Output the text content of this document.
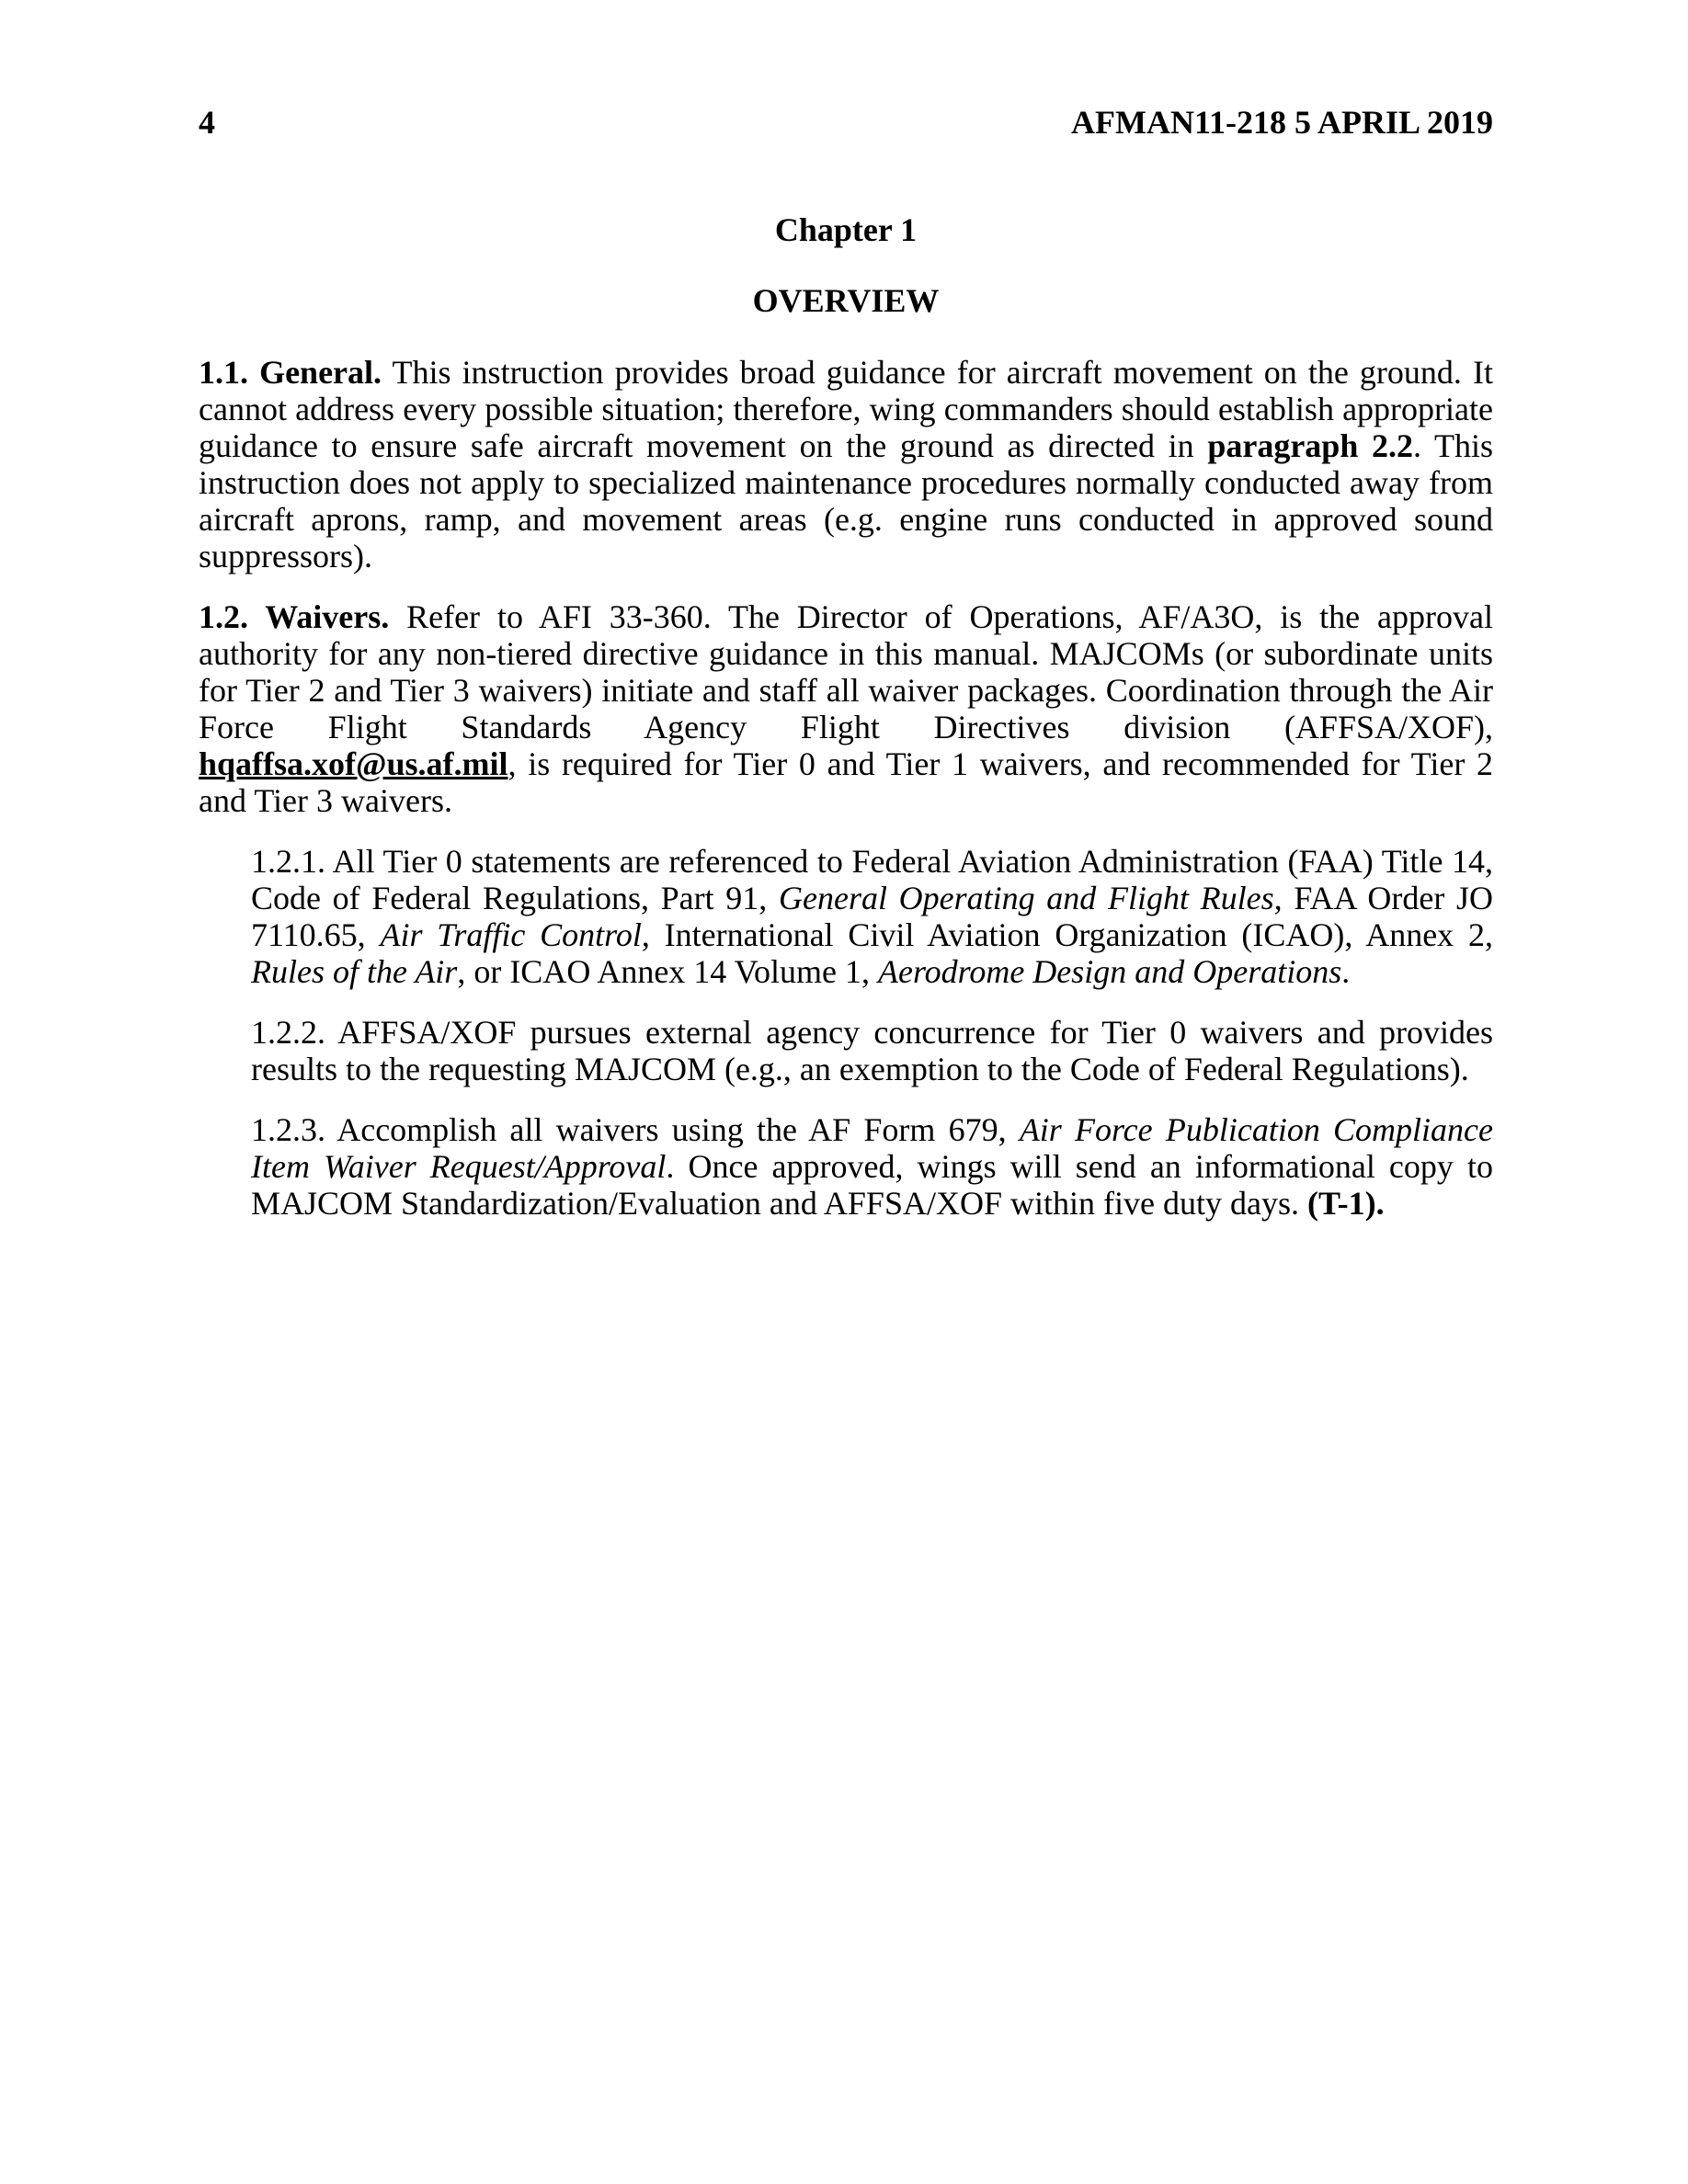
4	AFMAN11-218 5 APRIL 2019
Chapter 1
OVERVIEW

1.1. General. This instruction provides broad guidance for aircraft movement on the ground. It cannot address every possible situation; therefore, wing commanders should establish appropriate guidance to ensure safe aircraft movement on the ground as directed in paragraph 2.2. This instruction does not apply to specialized maintenance procedures normally conducted away from aircraft aprons, ramp, and movement areas (e.g. engine runs conducted in approved sound suppressors).

1.2. Waivers. Refer to AFI 33-360. The Director of Operations, AF/A3O, is the approval authority for any non-tiered directive guidance in this manual. MAJCOMs (or subordinate units for Tier 2 and Tier 3 waivers) initiate and staff all waiver packages. Coordination through the Air Force Flight Standards Agency Flight Directives division (AFFSA/XOF), hqaffsa.xof@us.af.mil, is required for Tier 0 and Tier 1 waivers, and recommended for Tier 2 and Tier 3 waivers.

1.2.1. All Tier 0 statements are referenced to Federal Aviation Administration (FAA) Title 14, Code of Federal Regulations, Part 91, General Operating and Flight Rules, FAA Order JO 7110.65, Air Traffic Control, International Civil Aviation Organization (ICAO), Annex 2, Rules of the Air, or ICAO Annex 14 Volume 1, Aerodrome Design and Operations.

1.2.2. AFFSA/XOF pursues external agency concurrence for Tier 0 waivers and provides results to the requesting MAJCOM (e.g., an exemption to the Code of Federal Regulations).

1.2.3. Accomplish all waivers using the AF Form 679, Air Force Publication Compliance Item Waiver Request/Approval. Once approved, wings will send an informational copy to MAJCOM Standardization/Evaluation and AFFSA/XOF within five duty days. (T-1).
